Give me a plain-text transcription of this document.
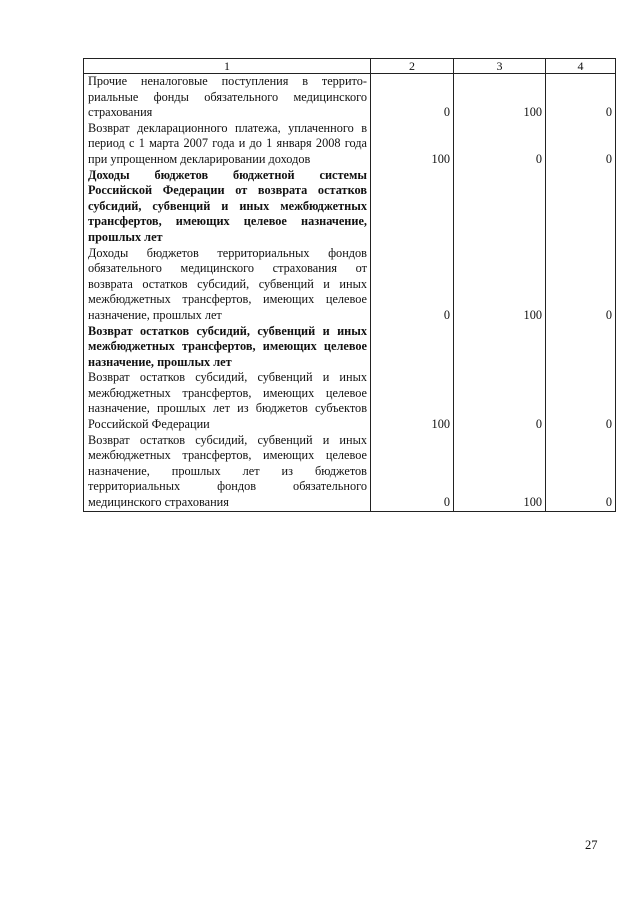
1	2	3	4
Прочие неналоговые поступления в территориальные фонды обязательного медицинского страхования	0	100	0
Возврат декларационного платежа, уплаченного в период с 1 марта 2007 года и до 1 января 2008 года при упрощенном декларировании доходов	100	0	0
Доходы бюджетов бюджетной системы Российской Федерации от возврата остатков субсидий, субвенций и иных межбюджетных трансфертов, имеющих целевое назначение, прошлых лет			
Доходы бюджетов территориальных фондов обязательного медицинского страхования от возврата остатков субсидий, субвенций и иных межбюджетных трансфертов, имеющих целевое назначение, прошлых лет	0	100	0
Возврат остатков субсидий, субвенций и иных межбюджетных трансфертов, имеющих целевое назначение, прошлых лет			
Возврат остатков субсидий, субвенций и иных межбюджетных трансфертов, имеющих целевое назначение, прошлых лет из бюджетов субъектов Российской Федерации	100	0	0
Возврат остатков субсидий, субвенций и иных межбюджетных трансфертов, имеющих целевое назначение, прошлых лет из бюджетов территориальных фондов обязательного медицинского страхования	0	100	0
27
